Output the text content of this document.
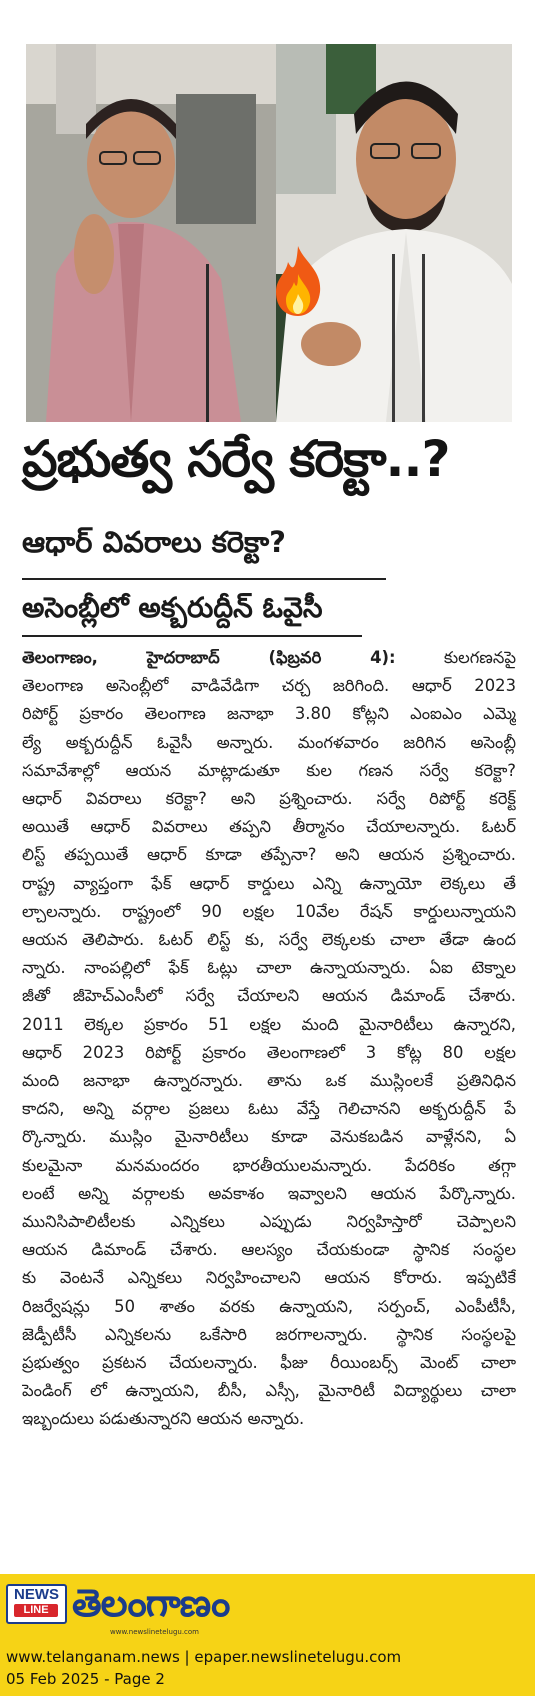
ప్రభుత్వ సర్వే కరెక్టా..?
ఆధార్ వివరాలు కరెక్టా?
అసెంబ్లీలో అక్బరుద్దీన్ ఓవైసీ
తెలంగాణం, హైదరాబాద్ (ఫిబ్రవరి 4):	కులగణనపై
తెలంగాణ అసెంబ్లీలో వాడివేడిగా చర్చ జరిగింది. ఆధార్ 2023
రిపోర్ట్ ప్రకారం తెలంగాణ జనాభా 3.80 కోట్లని ఎంఐఎం ఎమ్మె
ల్యే అక్బరుద్దీన్ ఓవైసీ అన్నారు. మంగళవారం జరిగిన అసెంబ్లీ
సమావేశాల్లో ఆయన మాట్లాడుతూ కుల గణన సర్వే కరెక్టా?
ఆధార్ వివరాలు కరెక్టా? అని ప్రశ్నించారు. సర్వే రిపోర్ట్ కరెక్ట్
అయితే ఆధార్ వివరాలు తప్పని తీర్మానం చేయాలన్నారు. ఓటర్
లిస్ట్ తప్పయితే ఆధార్ కూడా తప్పేనా? అని ఆయన ప్రశ్నించారు.
రాష్ట్ర వ్యాప్తంగా ఫేక్ ఆధార్ కార్డులు ఎన్ని ఉన్నాయో లెక్కలు తే
ల్చాలన్నారు. రాష్ట్రంలో 90 లక్షల 10వేల రేషన్ కార్డులున్నాయని
ఆయన తెలిపారు. ఓటర్ లిస్ట్ కు, సర్వే లెక్కలకు చాలా తేడా ఉంద
న్నారు. నాంపల్లిలో ఫేక్ ఓట్లు చాలా ఉన్నాయన్నారు. ఏఐ టెక్నాల
జీతో జీహెచ్ఎంసీలో సర్వే చేయాలని ఆయన డిమాండ్ చేశారు.
2011 లెక్కల ప్రకారం 51 లక్షల మంది మైనారిటీలు ఉన్నారని,
ఆధార్ 2023 రిపోర్ట్ ప్రకారం తెలంగాణలో 3 కోట్ల 80 లక్షల
మంది జనాభా ఉన్నారన్నారు. తాను ఒక ముస్లింలకే ప్రతినిధిన
కాదని, అన్ని వర్గాల ప్రజలు ఓటు వేస్తే గెలిచానని అక్బరుద్దీన్ పే
ర్కొన్నారు. ముస్లిం మైనారిటీలు కూడా వెనుకబడిన వాళ్లేనని, ఏ
కులమైనా మనమందరం భారతీయులమన్నారు. పేదరికం తగ్గా
లంటే అన్ని వర్గాలకు అవకాశం ఇవ్వాలని ఆయన పేర్కొన్నారు.
మునిసిపాలిటీలకు ఎన్నికలు ఎప్పుడు నిర్వహిస్తారో చెప్పాలని
ఆయన డిమాండ్ చేశారు. ఆలస్యం చేయకుండా స్థానిక సంస్థల
కు వెంటనే ఎన్నికలు నిర్వహించాలని ఆయన కోరారు. ఇప్పటికే
రిజర్వేషన్లు 50 శాతం వరకు ఉన్నాయని, సర్పంచ్, ఎంపీటీసీ,
జెడ్పీటీసీ ఎన్నికలను ఒకేసారి జరగాలన్నారు. స్థానిక సంస్థలపై
ప్రభుత్వం ప్రకటన చేయలన్నారు. ఫీజు రీయింబర్స్ మెంట్ చాలా
పెండింగ్ లో ఉన్నాయని, బీసీ, ఎస్సీ, మైనారిటీ విద్యార్థులు చాలా
ఇబ్బందులు పడుతున్నారని ఆయన అన్నారు.
NEWS
LINE తెలంగాణం
www.newslinetelugu.com
www.telanganam.news | epaper.newslinetelugu.com
05 Feb 2025 - Page 2
